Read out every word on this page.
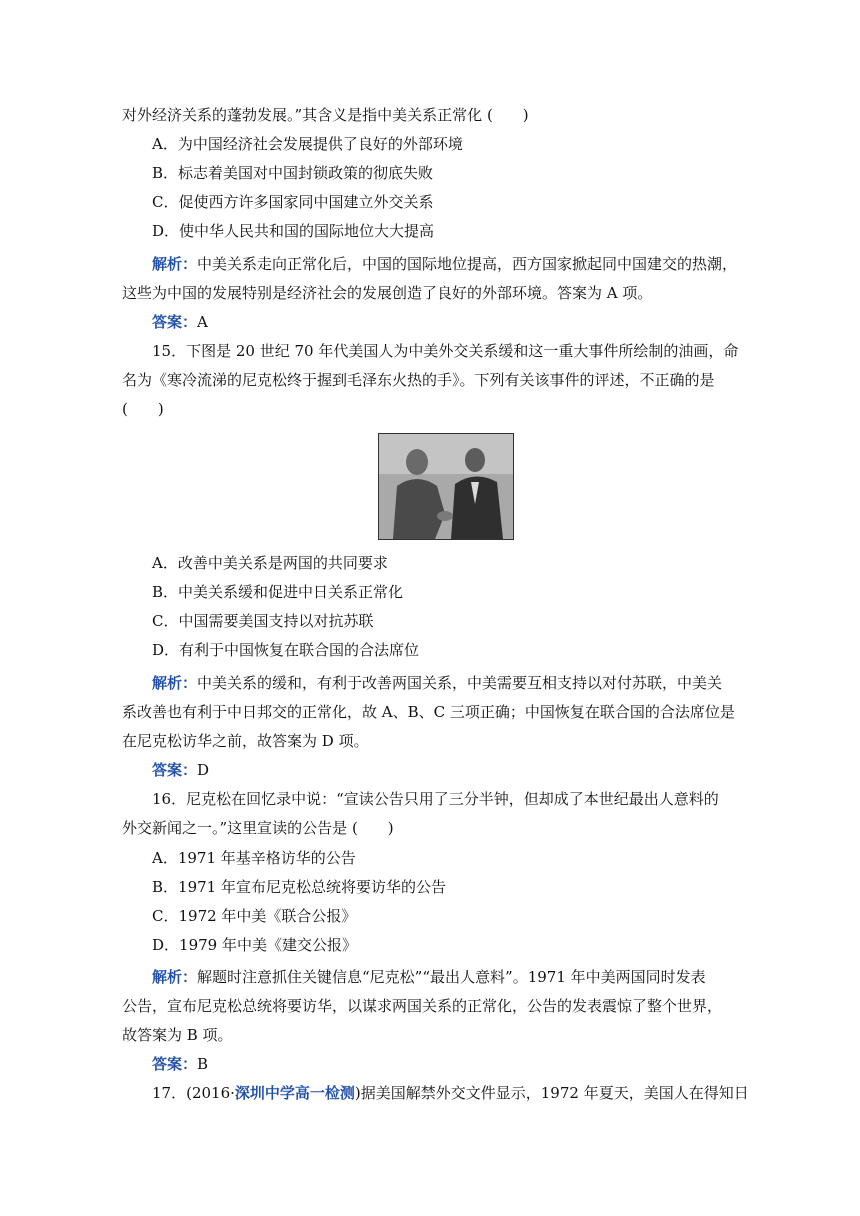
对外经济关系的蓬勃发展。”其含义是指中美关系正常化 (　　)
A．为中国经济社会发展提供了良好的外部环境
B．标志着美国对中国封锁政策的彻底失败
C．促使西方许多国家同中国建立外交关系
D．使中华人民共和国的国际地位大大提高
解析：中美关系走向正常化后，中国的国际地位提高，西方国家掀起同中国建交的热潮，
这些为中国的发展特别是经济社会的发展创造了良好的外部环境。答案为 A 项。
答案：A
15．下图是 20 世纪 70 年代美国人为中美外交关系缓和这一重大事件所绘制的油画，命
名为《寒冷流涕的尼克松终于握到毛泽东火热的手》。下列有关该事件的评述，不正确的是
(　　)
A．改善中美关系是两国的共同要求
B．中美关系缓和促进中日关系正常化
C．中国需要美国支持以对抗苏联
D．有利于中国恢复在联合国的合法席位
解析：中美关系的缓和，有利于改善两国关系，中美需要互相支持以对付苏联，中美关
系改善也有利于中日邦交的正常化，故 A、B、C 三项正确；中国恢复在联合国的合法席位是
在尼克松访华之前，故答案为 D 项。
答案：D
16．尼克松在回忆录中说：“宣读公告只用了三分半钟，但却成了本世纪最出人意料的
外交新闻之一。”这里宣读的公告是 (　　)
A．1971 年基辛格访华的公告
B．1971 年宣布尼克松总统将要访华的公告
C．1972 年中美《联合公报》
D．1979 年中美《建交公报》
解析：解题时注意抓住关键信息“尼克松”“最出人意料”。1971 年中美两国同时发表
公告，宣布尼克松总统将要访华，以谋求两国关系的正常化，公告的发表震惊了整个世界，
故答案为 B 项。
答案：B
17．(2016·深圳中学高一检测)据美国解禁外交文件显示，1972 年夏天，美国人在得知日
